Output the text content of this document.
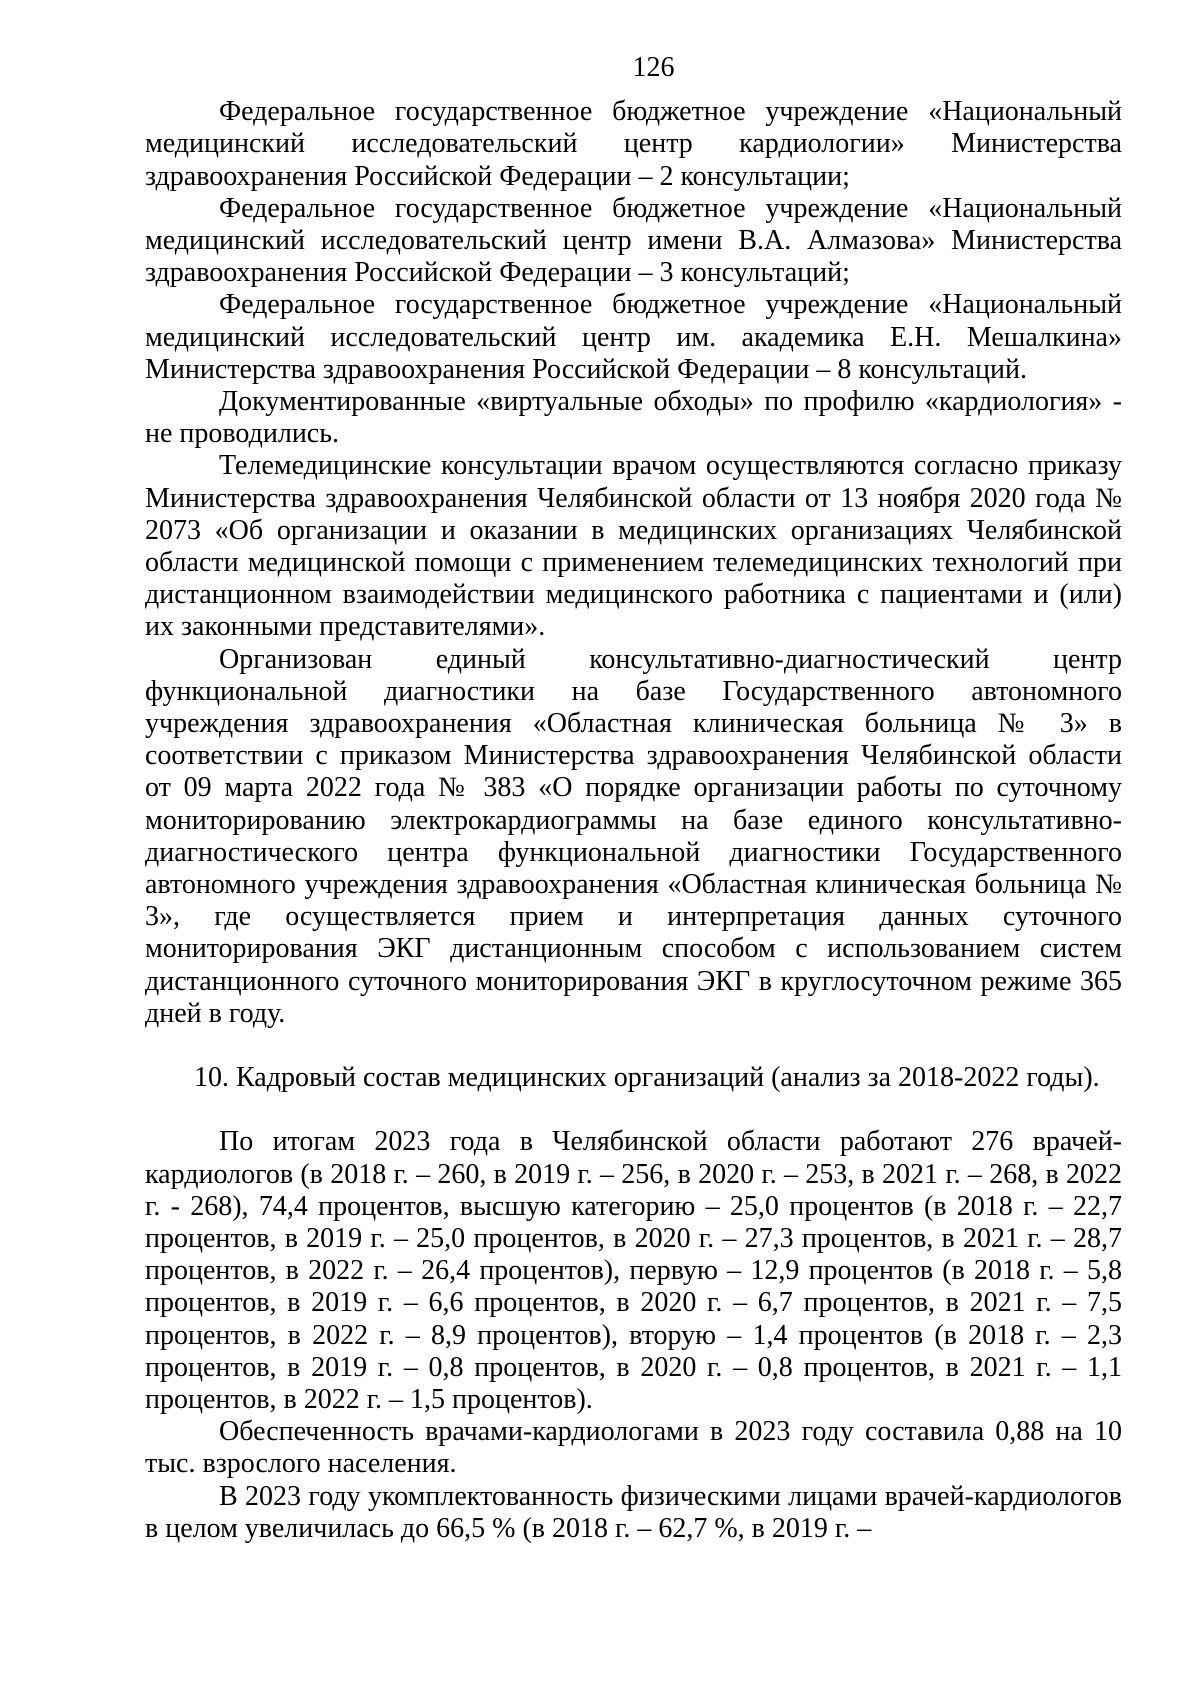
126

Федеральное государственное бюджетное учреждение «Национальный медицинский исследовательский центр кардиологии» Министерства здравоохранения Российской Федерации – 2 консультации;

Федеральное государственное бюджетное учреждение «Национальный медицинский исследовательский центр имени В.А. Алмазова» Министерства здравоохранения Российской Федерации – 3 консультаций;

Федеральное государственное бюджетное учреждение «Национальный медицинский исследовательский центр им. академика Е.Н. Мешалкина» Министерства здравоохранения Российской Федерации – 8 консультаций.

Документированные «виртуальные обходы» по профилю «кардиология» - не проводились.

Телемедицинские консультации врачом осуществляются согласно приказу Министерства здравоохранения Челябинской области от 13 ноября 2020 года № 2073 «Об организации и оказании в медицинских организациях Челябинской области медицинской помощи с применением телемедицинских технологий при дистанционном взаимодействии медицинского работника с пациентами и (или) их законными представителями».

Организован единый консультативно-диагностический центр функциональной диагностики на базе Государственного автономного учреждения здравоохранения «Областная клиническая больница № 3» в соответствии с приказом Министерства здравоохранения Челябинской области от 09 марта 2022 года № 383 «О порядке организации работы по суточному мониторированию электрокардиограммы на базе единого консультативно-диагностического центра функциональной диагностики Государственного автономного учреждения здравоохранения «Областная клиническая больница № 3», где осуществляется прием и интерпретация данных суточного мониторирования ЭКГ дистанционным способом с использованием систем дистанционного суточного мониторирования ЭКГ в круглосуточном режиме 365 дней в году.

10. Кадровый состав медицинских организаций (анализ за 2018-2022 годы).

По итогам 2023 года в Челябинской области работают 276 врачей-кардиологов (в 2018 г. – 260, в 2019 г. – 256, в 2020 г. – 253, в 2021 г. – 268, в 2022 г. - 268), 74,4 процентов, высшую категорию – 25,0 процентов (в 2018 г. – 22,7 процентов, в 2019 г. – 25,0 процентов, в 2020 г. – 27,3 процентов, в 2021 г. – 28,7 процентов, в 2022 г. – 26,4 процентов), первую – 12,9 процентов (в 2018 г. – 5,8 процентов, в 2019 г. – 6,6 процентов, в 2020 г. – 6,7 процентов, в 2021 г. – 7,5 процентов, в 2022 г. – 8,9 процентов), вторую – 1,4 процентов (в 2018 г. – 2,3 процентов, в 2019 г. – 0,8 процентов, в 2020 г. – 0,8 процентов, в 2021 г. – 1,1 процентов, в 2022 г. – 1,5 процентов).

Обеспеченность врачами-кардиологами в 2023 году составила 0,88 на 10 тыс. взрослого населения.

В 2023 году укомплектованность физическими лицами врачей-кардиологов в целом увеличилась до 66,5 % (в 2018 г. – 62,7 %, в 2019 г. –
